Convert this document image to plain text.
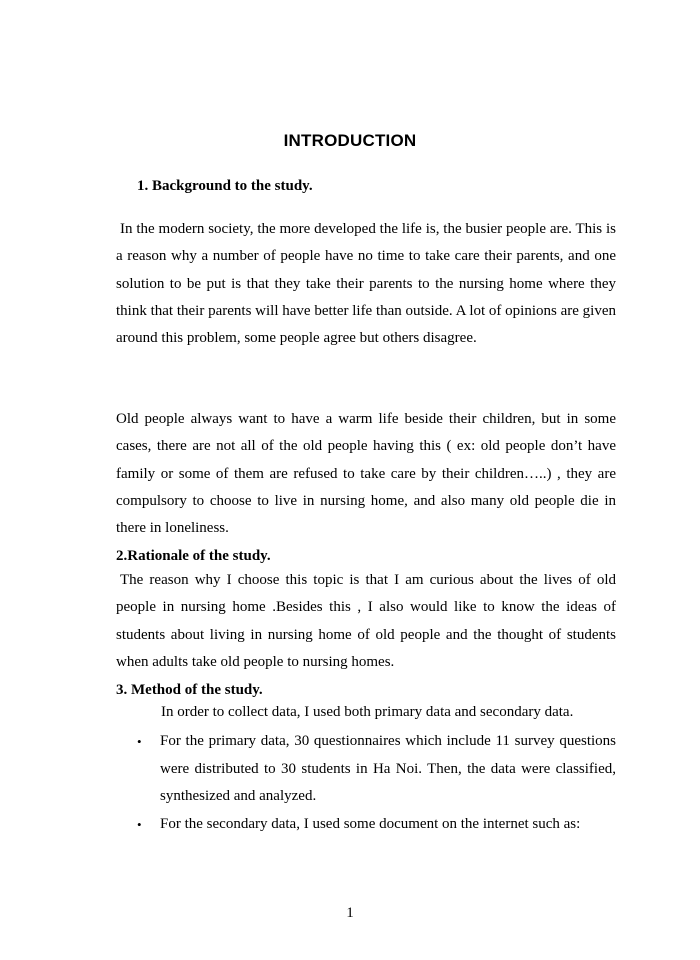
INTRODUCTION
1. Background to the study.

In the modern society, the more developed the life is, the busier people are. This is a reason why a number of people have no time to take care their parents, and one solution to be put is that they take their parents to the nursing home where they think that their parents will have better life than outside. A lot of opinions are given around this problem, some people agree but others disagree.

Old people always want to have a warm life beside their children, but in some cases, there are not all of the old people having this ( ex: old people don’t have family or some of them are refused to take care by their children…..) , they are compulsory to choose to live in nursing home, and also many old people die in there in loneliness.

2.Rationale of the study.

The reason why I choose this topic is that I am curious about the lives of old people in nursing home .Besides this , I also would like to know the ideas of students about living in nursing home of old people and the thought of students when adults take old people to nursing homes.

3. Method of the study.

In order to collect data, I used both primary data and secondary data.

• For the primary data, 30 questionnaires which include 11 survey questions were distributed to 30 students in Ha Noi. Then, the data were classified, synthesized and analyzed.
• For the secondary data, I used some document on the internet such as:
1
